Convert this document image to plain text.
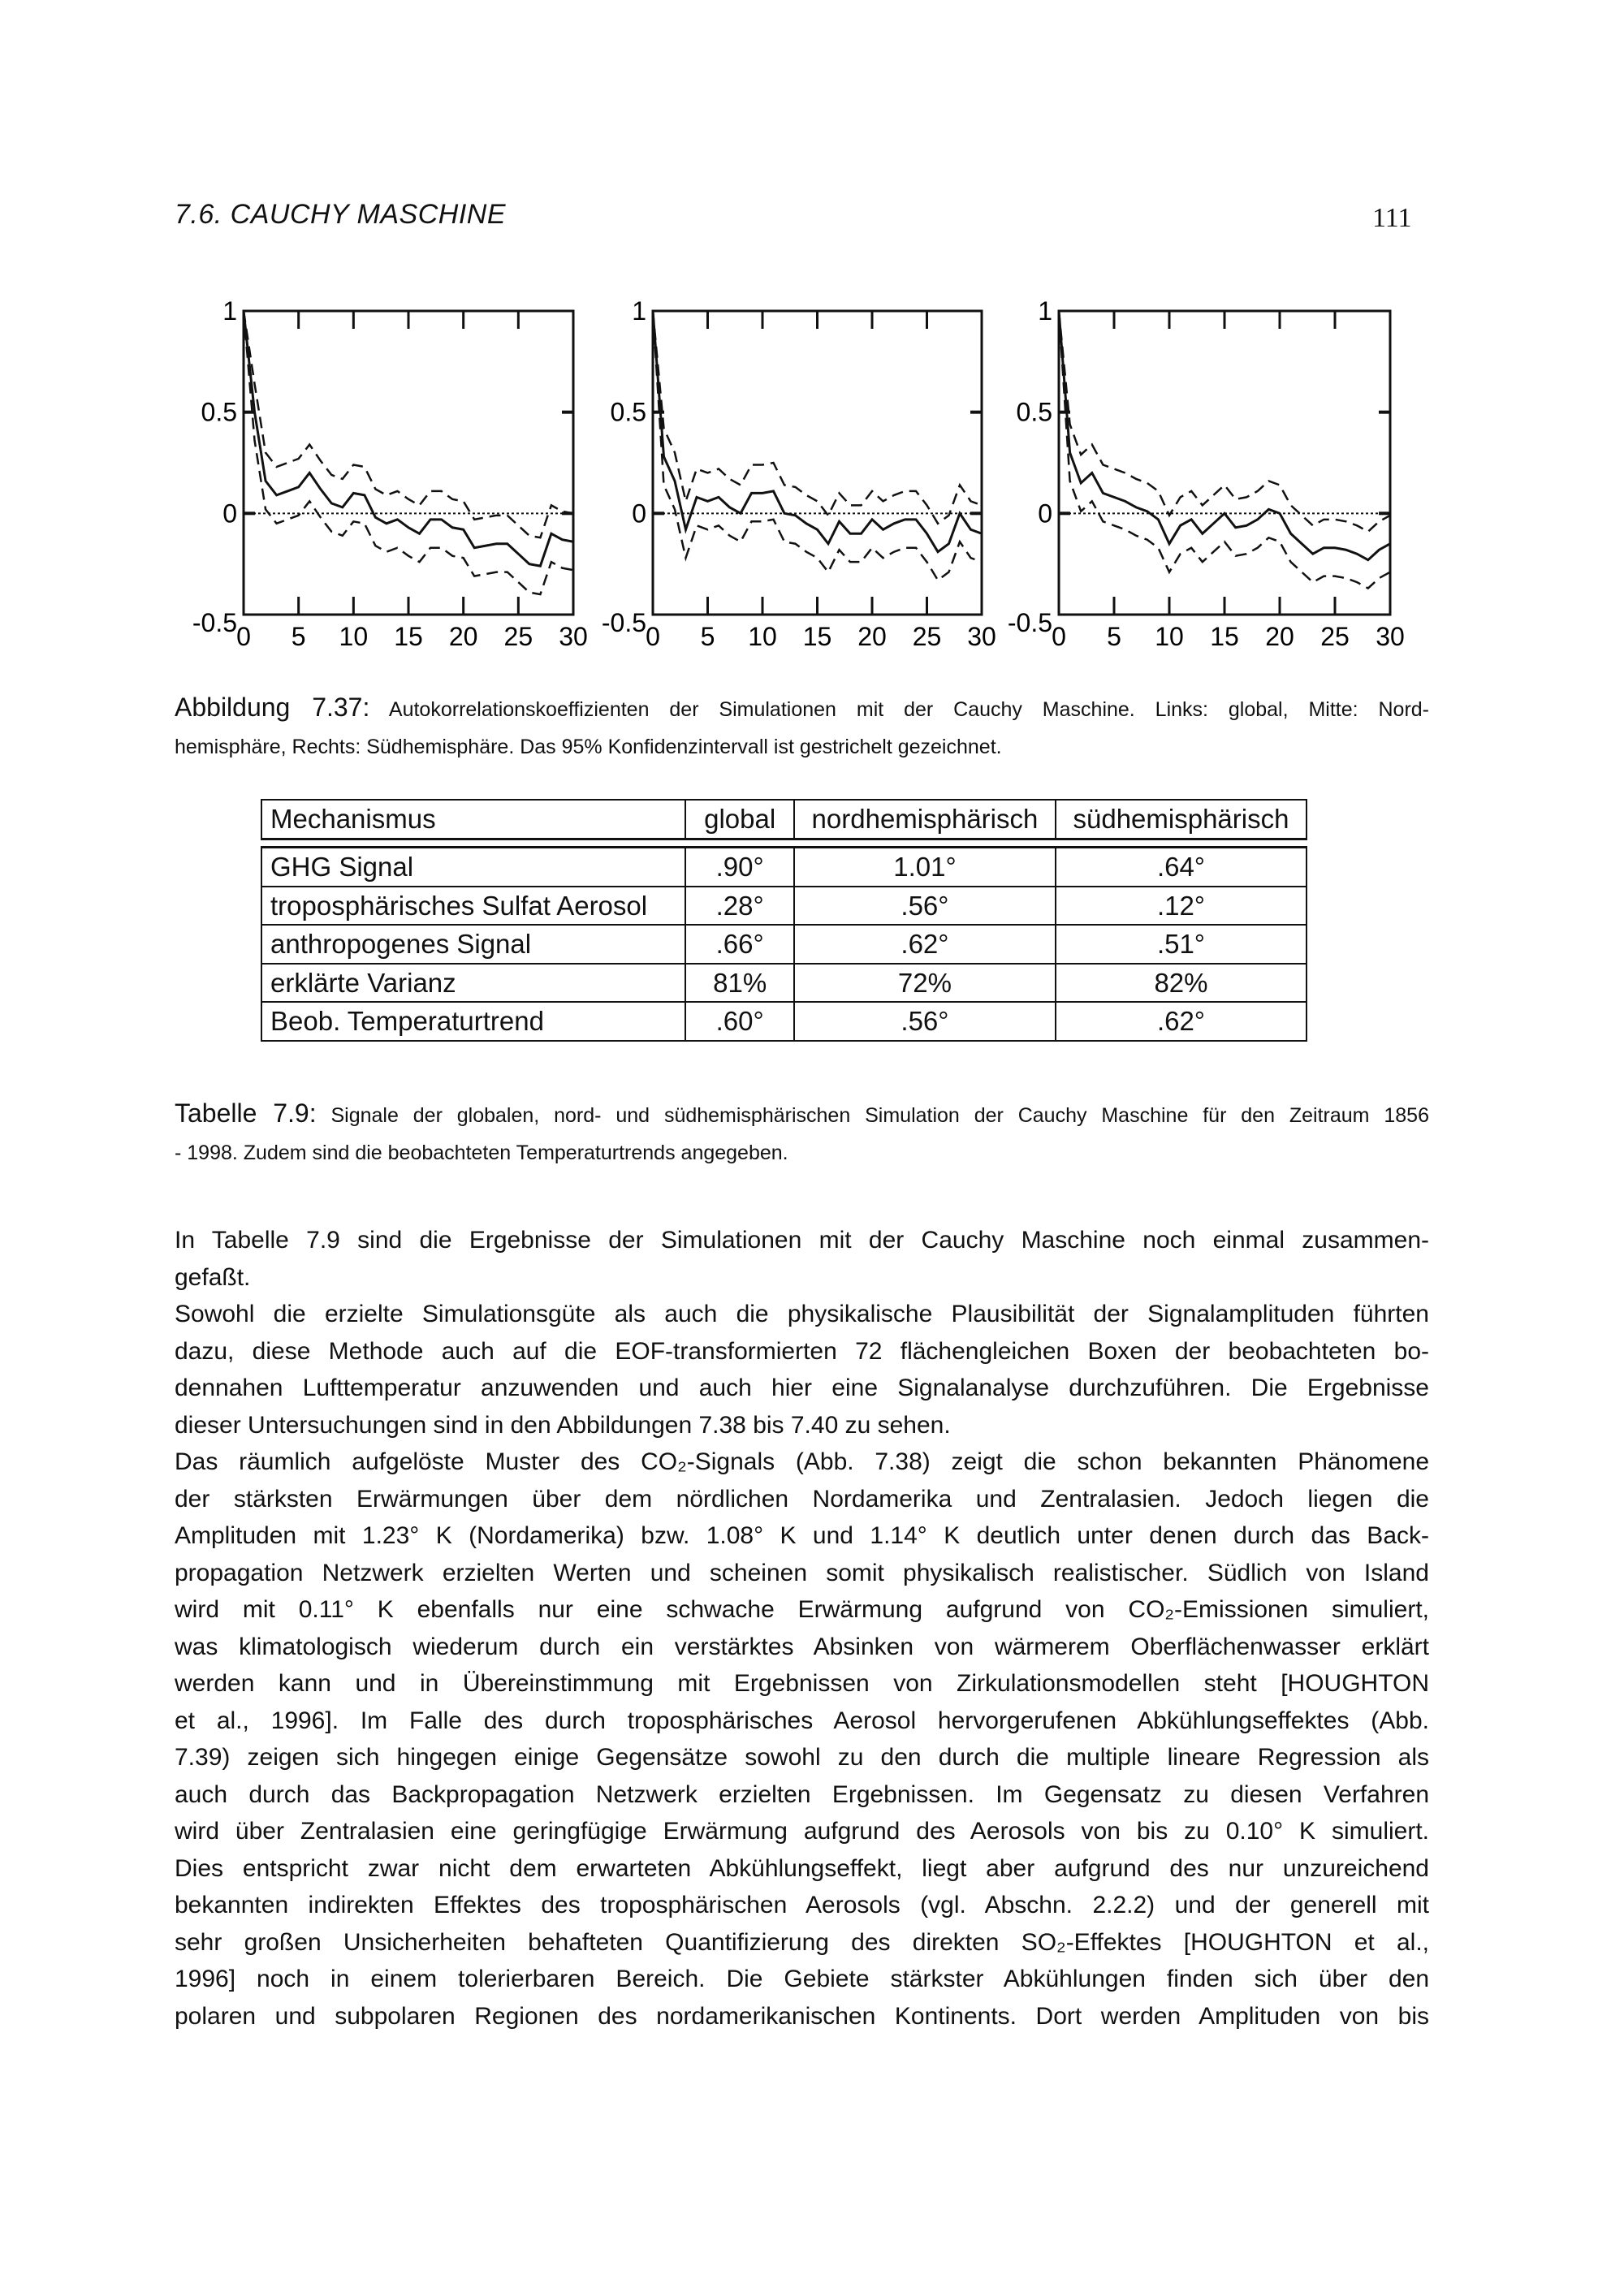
7.6. CAUCHY MASCHINE	111
0 5 10 15 20 25 30
1
0.5
0
-0.5	0 5 10 15 20 25 30
1
0.5
0
-0.5	0 5 10 15 20 25 30
1
0.5
0
-0.5
Abbildung 7.37: Autokorrelationskoeffizienten der Simulationen mit der Cauchy Maschine. Links: global, Mitte: Nord-
hemisphäre, Rechts: Südhemisphäre. Das 95% Konfidenzintervall ist gestrichelt gezeichnet.
Mechanismus	global	nordhemisphärisch	südhemisphärisch
GHG Signal	.90°	1.01°	.64°
troposphärisches Sulfat Aerosol	.28°	.56°	.12°
anthropogenes Signal	.66°	.62°	.51°
erklärte Varianz	81%	72%	82%
Beob. Temperaturtrend	.60°	.56°	.62°
Tabelle 7.9: Signale der globalen, nord- und südhemisphärischen Simulation der Cauchy Maschine für den Zeitraum 1856
- 1998. Zudem sind die beobachteten Temperaturtrends angegeben.
In Tabelle 7.9 sind die Ergebnisse der Simulationen mit der Cauchy Maschine noch einmal zusammen-
gefaßt.
Sowohl die erzielte Simulationsgüte als auch die physikalische Plausibilität der Signalamplituden führten
dazu, diese Methode auch auf die EOF-transformierten 72 flächengleichen Boxen der beobachteten bo-
dennahen Lufttemperatur anzuwenden und auch hier eine Signalanalyse durchzuführen. Die Ergebnisse
dieser Untersuchungen sind in den Abbildungen 7.38 bis 7.40 zu sehen.
Das räumlich aufgelöste Muster des CO₂-Signals (Abb. 7.38) zeigt die schon bekannten Phänomene
der stärksten Erwärmungen über dem nördlichen Nordamerika und Zentralasien. Jedoch liegen die
Amplituden mit 1.23° K (Nordamerika) bzw. 1.08° K und 1.14° K deutlich unter denen durch das Back-
propagation Netzwerk erzielten Werten und scheinen somit physikalisch realistischer. Südlich von Island
wird mit 0.11° K ebenfalls nur eine schwache Erwärmung aufgrund von CO₂-Emissionen simuliert,
was klimatologisch wiederum durch ein verstärktes Absinken von wärmerem Oberflächenwasser erklärt
werden kann und in Übereinstimmung mit Ergebnissen von Zirkulationsmodellen steht [HOUGHTON
et al., 1996]. Im Falle des durch troposphärisches Aerosol hervorgerufenen Abkühlungseffektes (Abb.
7.39) zeigen sich hingegen einige Gegensätze sowohl zu den durch die multiple lineare Regression als
auch durch das Backpropagation Netzwerk erzielten Ergebnissen. Im Gegensatz zu diesen Verfahren
wird über Zentralasien eine geringfügige Erwärmung aufgrund des Aerosols von bis zu 0.10° K simuliert.
Dies entspricht zwar nicht dem erwarteten Abkühlungseffekt, liegt aber aufgrund des nur unzureichend
bekannten indirekten Effektes des troposphärischen Aerosols (vgl. Abschn. 2.2.2) und der generell mit
sehr großen Unsicherheiten behafteten Quantifizierung des direkten SO₂-Effektes [HOUGHTON et al.,
1996] noch in einem tolerierbaren Bereich. Die Gebiete stärkster Abkühlungen finden sich über den
polaren und subpolaren Regionen des nordamerikanischen Kontinents. Dort werden Amplituden von bis
